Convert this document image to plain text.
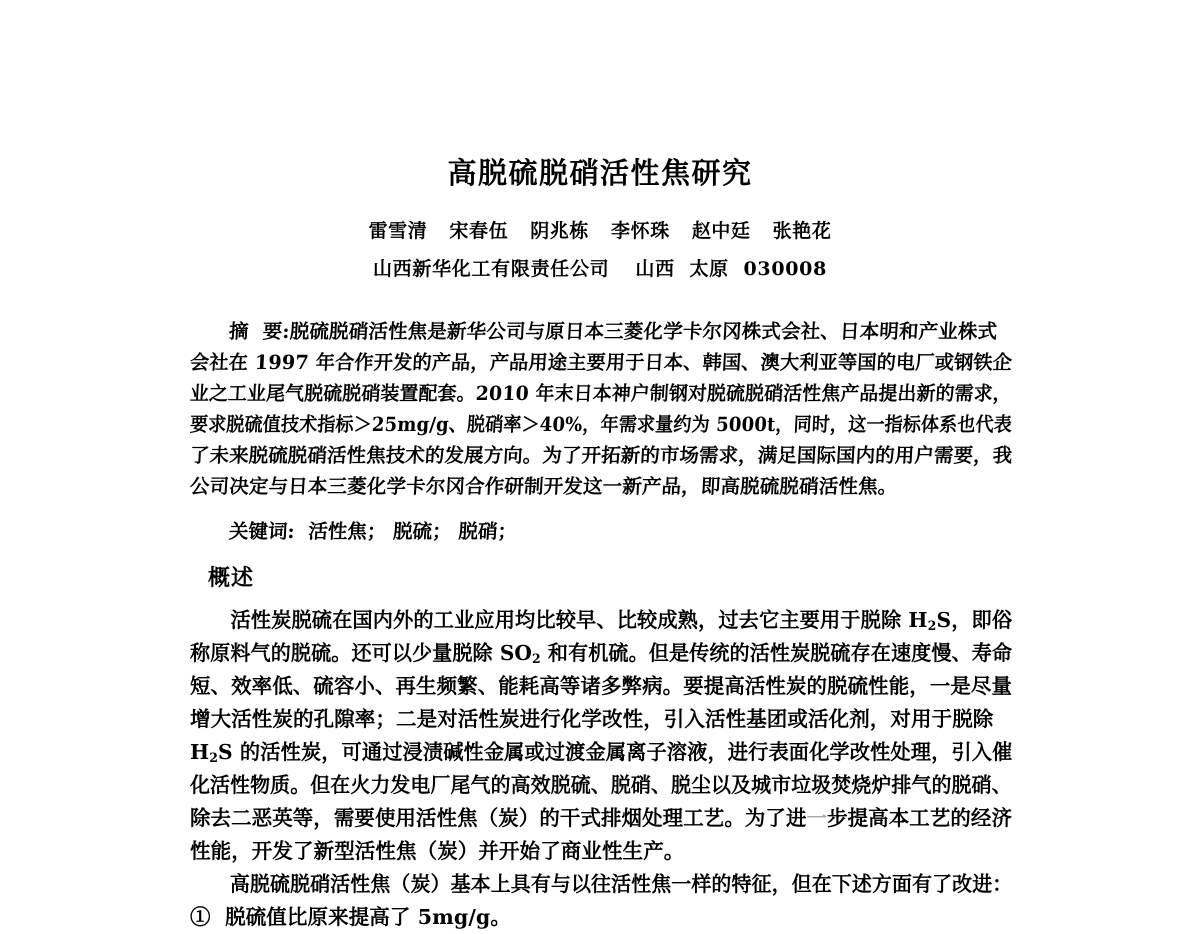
高脱硫脱硝活性焦研究
雷雪清 宋春伍 阴兆栋 李怀珠 赵中廷 张艳花
山西新华化工有限责任公司 山西 太原 030008
摘 要:脱硫脱硝活性焦是新华公司与原日本三菱化学卡尔冈株式会社、日本明和产业株式
会社在 1997 年合作开发的产品，产品用途主要用于日本、韩国、澳大利亚等国的电厂或钢铁企 业之工业尾气脱硫脱硝装置配套。2010 年末日本神户制钢对脱硫脱硝活性焦产品提出新的需求， 要求脱硫值技术指标＞25mg/g、脱硝率＞40%，年需求量约为 5000t，同时，这一指标体系也代表 了未来脱硫脱硝活性焦技术的发展方向。为了开拓新的市场需求，满足国际国内的用户需要，我
公司决定与日本三菱化学卡尔冈合作研制开发这一新产品，即高脱硫脱硝活性焦。
关键词: 活性焦； 脱硫； 脱硝；
概述
活性炭脱硫在国内外的工业应用均比较早、比较成熟，过去它主要用于脱除 $H_2S$，即俗称原料气的脱硫。还可以少量脱除 $SO_2$ 和有机硫。但是传统的活性炭脱硫存在速度慢、寿命短、效率低、硫容小、再生频繁、能耗高等诸多弊病。要提高活性炭的脱硫性能，一是尽量
增大活性炭的孔隙率；二是对活性炭进行化学改性，引入活性基团或活化剂，对用于脱除
$H_2S$ 的活性炭，可通过浸渍碱性金属或过渡金属离子溶液，进行表面化学改性处理，引入催化活性物质。但在火力发电厂尾气的高效脱硫、脱硝、脱尘以及城市垃圾焚烧炉排气的脱硝、除去二恶英等，需要使用活性焦（炭）的干式排烟处理工艺。为了进一步提高本工艺的经济
性能，开发了新型活性焦（炭）并开始了商业性生产。
高脱硫脱硝活性焦（炭）基本上具有与以往活性焦一样的特征，但在下述方面有了改进：
① 脱硫值比原来提高了 5mg/g。
